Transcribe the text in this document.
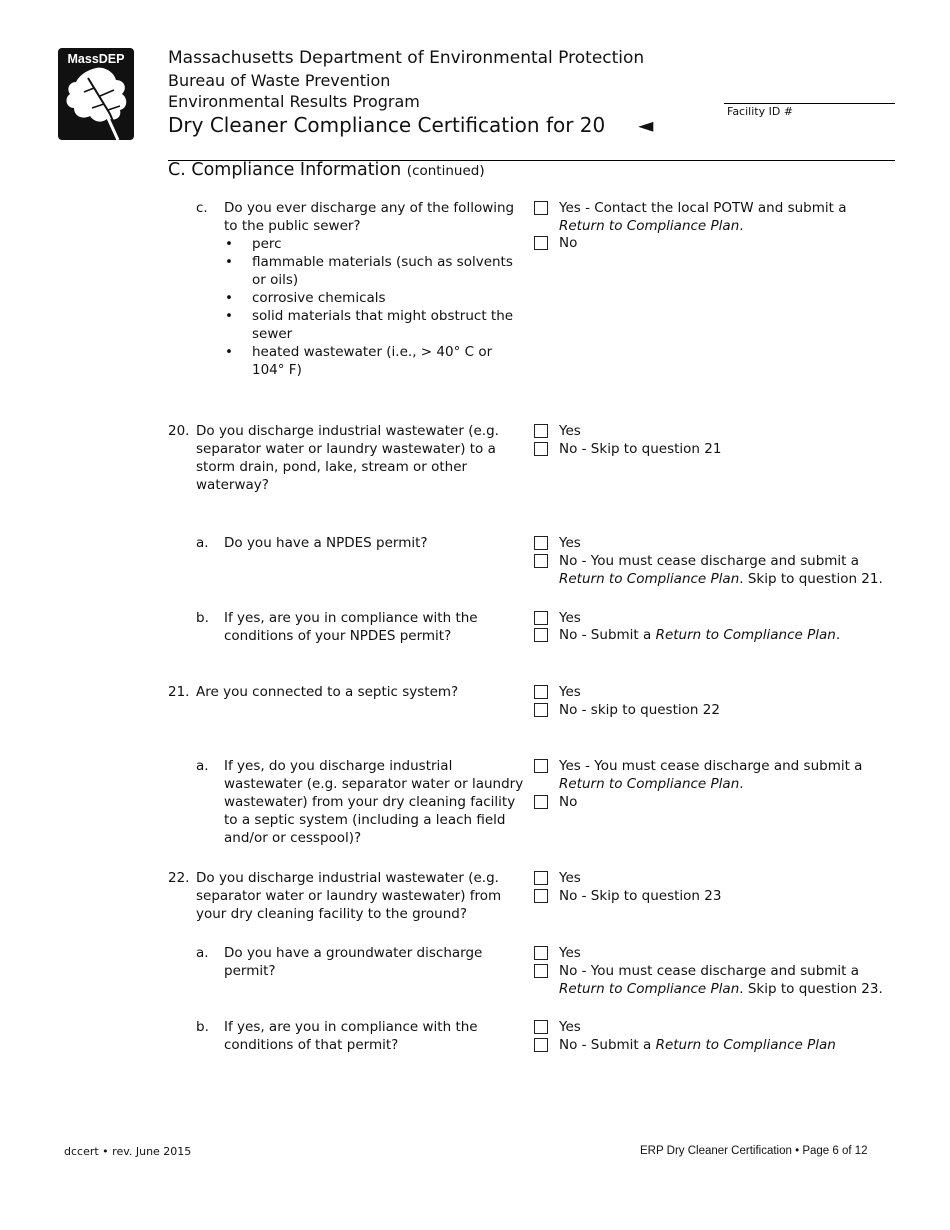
MassDEP	Massachusetts Department of Environmental Protection
Bureau of Waste Prevention
Environmental Results Program
Dry Cleaner Compliance Certification for 20 ◄
Facility ID #
C. Compliance Information (continued)
c. Do you ever discharge any of the following to the public sewer?
• perc
• flammable materials (such as solvents or oils)
• corrosive chemicals
• solid materials that might obstruct the sewer
• heated wastewater (i.e., > 40° C or 104° F)
Yes - Contact the local POTW and submit a
Return to Compliance Plan.
No
20. Do you discharge industrial wastewater (e.g. separator water or laundry wastewater) to a storm drain, pond, lake, stream or other waterway?
Yes
No - Skip to question 21
a. Do you have a NPDES permit?	Yes
No - You must cease discharge and submit a
Return to Compliance Plan. Skip to question 21.
b. If yes, are you in compliance with the conditions of your NPDES permit?
Yes
No - Submit a Return to Compliance Plan.
21. Are you connected to a septic system?	Yes
No - skip to question 22
a. If yes, do you discharge industrial wastewater (e.g. separator water or laundry wastewater) from your dry cleaning facility to a septic system (including a leach field and/or or cesspool)?
Yes - You must cease discharge and submit a
Return to Compliance Plan.
No
22. Do you discharge industrial wastewater (e.g. separator water or laundry wastewater) from your dry cleaning facility to the ground?
Yes
No - Skip to question 23
a. Do you have a groundwater discharge permit?
Yes
No - You must cease discharge and submit a
Return to Compliance Plan. Skip to question 23.
b. If yes, are you in compliance with the conditions of that permit?
Yes
No - Submit a Return to Compliance Plan
dccert • rev. June 2015	ERP Dry Cleaner Certification • Page 6 of 12
